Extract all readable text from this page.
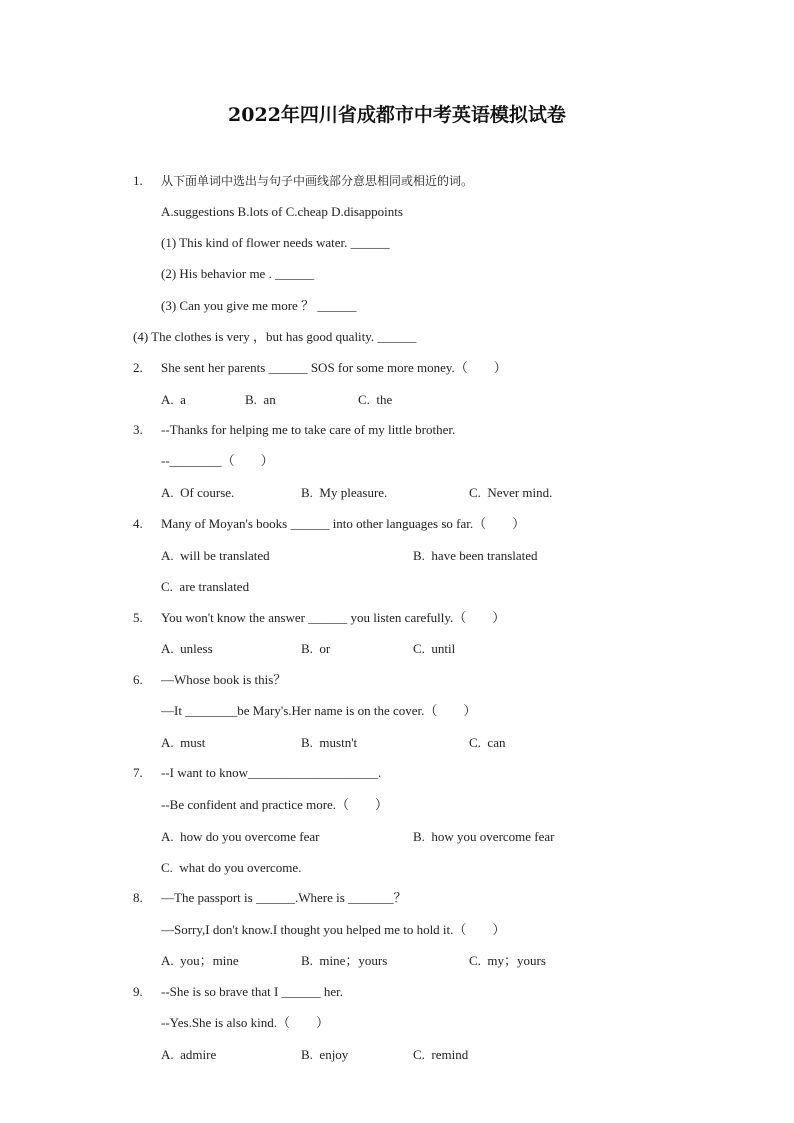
2022年四川省成都市中考英语模拟试卷
1. 从下面单词中选出与句子中画线部分意思相同或相近的词。
A.suggestions B.lots of C.cheap D.disappoints
(1) This kind of flower needs water. ______
(2) His behavior me . ______
(3) Can you give me more ？ ______
(4) The clothes is very ，but has good quality. ______
2. She sent her parents ______ SOS for some more money.（　　）
A.  a	B.  an	C.  the
3. --Thanks for helping me to take care of my little brother.
--________（　　）
A.  Of course.	B.  My pleasure.	C.  Never mind.
4. Many of Moyan's books ______ into other languages so far.（　　）
A.  will be translated	B.  have been translated
C.  are translated
5. You won't know the answer ______ you listen carefully.（　　）
A.  unless	B.  or	C.  until
6. —Whose book is this？
—It ________be Mary's.Her name is on the cover.（　　）
A.  must	B.  mustn't	C.  can
7. --I want to know____________________.
--Be confident and practice more.（　　）
A.  how do you overcome fear	B.  how you overcome fear
C.  what do you overcome.
8. —The passport is ______.Where is _______？
—Sorry,I don't know.I thought you helped me to hold it.（　　）
A.  you；mine	B.  mine；yours	C.  my；yours
9. --She is so brave that I ______ her.
--Yes.She is also kind.（　　）
A.  admire	B.  enjoy	C.  remind
